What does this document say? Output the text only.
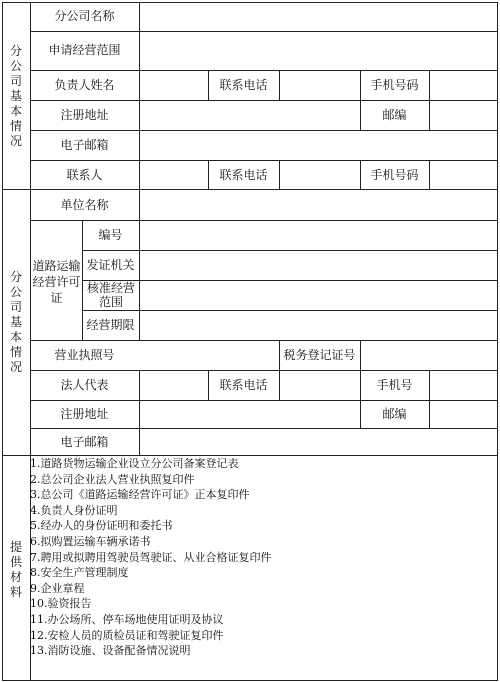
分
公
司
基
本
情
况
分公司名称
申请经营范围
负责人姓名	联系电话	手机号码
注册地址	邮编
电子邮箱
联系人	联系电话	手机号码
分
公
司
基
本
情
况
单位名称
道路运输经营许可证
编号
发证机关
核准经营范围
经营期限
营业执照号	税务登记证号
法人代表	联系电话	手机号
注册地址	邮编
电子邮箱
提
供
材
料
1.道路货物运输企业设立分公司备案登记表
2.总公司企业法人营业执照复印件
3.总公司《道路运输经营许可证》正本复印件
4.负责人身份证明
5.经办人的身份证明和委托书
6.拟购置运输车辆承诺书
7.聘用或拟聘用驾驶员驾驶证、从业合格证复印件
8.安全生产管理制度
9.企业章程
10.验资报告
11.办公场所、停车场地使用证明及协议
12.安检人员的质检员证和驾驶证复印件
13.消防设施、设备配备情况说明
